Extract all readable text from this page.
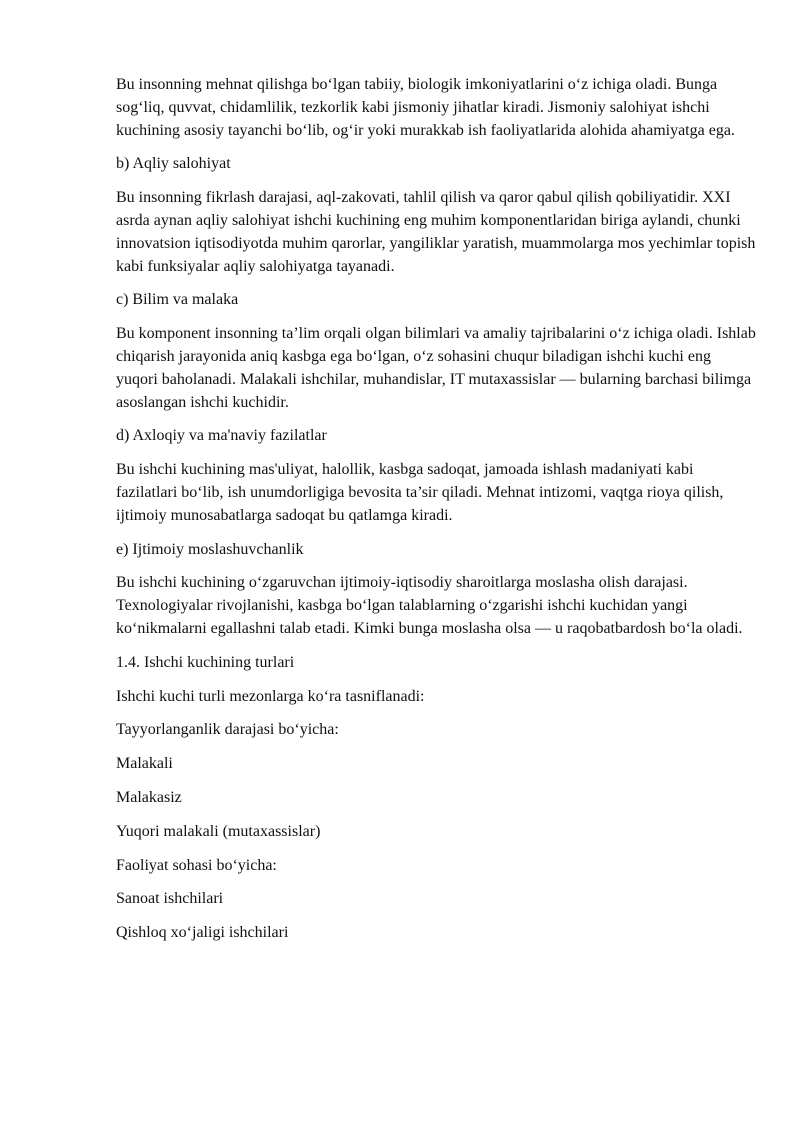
Bu insonning mehnat qilishga bo‘lgan tabiiy, biologik imkoniyatlarini o‘z ichiga oladi. Bunga sog‘liq, quvvat, chidamlilik, tezkorlik kabi jismoniy jihatlar kiradi. Jismoniy salohiyat ishchi kuchining asosiy tayanchi bo‘lib, og‘ir yoki murakkab ish faoliyatlarida alohida ahamiyatga ega.

b) Aqliy salohiyat

Bu insonning fikrlash darajasi, aql-zakovati, tahlil qilish va qaror qabul qilish qobiliyatidir. XXI asrda aynan aqliy salohiyat ishchi kuchining eng muhim komponentlaridan biriga aylandi, chunki innovatsion iqtisodiyotda muhim qarorlar, yangiliklar yaratish, muammolarga mos yechimlar topish kabi funksiyalar aqliy salohiyatga tayanadi.

c) Bilim va malaka

Bu komponent insonning ta’lim orqali olgan bilimlari va amaliy tajribalarini o‘z ichiga oladi. Ishlab chiqarish jarayonida aniq kasbga ega bo‘lgan, o‘z sohasini chuqur biladigan ishchi kuchi eng yuqori baholanadi. Malakali ishchilar, muhandislar, IT mutaxassislar — bularning barchasi bilimga asoslangan ishchi kuchidir.

d) Axloqiy va ma'naviy fazilatlar

Bu ishchi kuchining mas'uliyat, halollik, kasbga sadoqat, jamoada ishlash madaniyati kabi fazilatlari bo‘lib, ish unumdorligiga bevosita ta’sir qiladi. Mehnat intizomi, vaqtga rioya qilish, ijtimoiy munosabatlarga sadoqat bu qatlamga kiradi.

e) Ijtimoiy moslashuvchanlik

Bu ishchi kuchining o‘zgaruvchan ijtimoiy-iqtisodiy sharoitlarga moslasha olish darajasi. Texnologiyalar rivojlanishi, kasbga bo‘lgan talablarning o‘zgarishi ishchi kuchidan yangi ko‘nikmalarni egallashni talab etadi. Kimki bunga moslasha olsa — u raqobatbardosh bo‘la oladi.

1.4. Ishchi kuchining turlari

Ishchi kuchi turli mezonlarga ko‘ra tasniflanadi:

Tayyorlanganlik darajasi bo‘yicha:

Malakali

Malakasiz

Yuqori malakali (mutaxassislar)

Faoliyat sohasi bo‘yicha:

Sanoat ishchilari

Qishloq xo‘jaligi ishchilari
